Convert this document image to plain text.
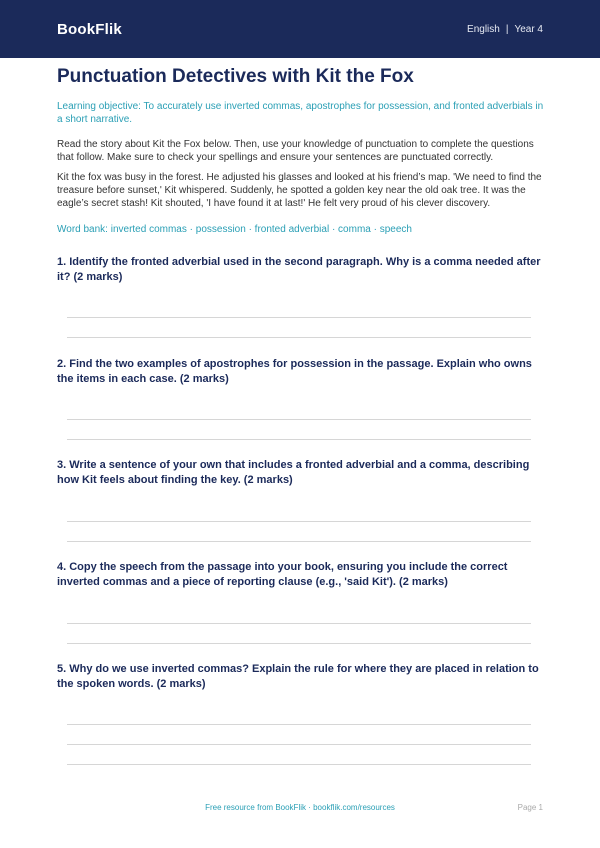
BookFlik	English | Year 4
Punctuation Detectives with Kit the Fox
Learning objective: To accurately use inverted commas, apostrophes for possession, and fronted adverbials in a short narrative.
Read the story about Kit the Fox below. Then, use your knowledge of punctuation to complete the questions that follow. Make sure to check your spellings and ensure your sentences are punctuated correctly.
Kit the fox was busy in the forest. He adjusted his glasses and looked at his friend’s map. 'We need to find the treasure before sunset,' Kit whispered. Suddenly, he spotted a golden key near the old oak tree. It was the eagle’s secret stash! Kit shouted, 'I have found it at last!' He felt very proud of his clever discovery.
Word bank: inverted commas · possession · fronted adverbial · comma · speech
1. Identify the fronted adverbial used in the second paragraph. Why is a comma needed after it? (2 marks)
2. Find the two examples of apostrophes for possession in the passage. Explain who owns the items in each case. (2 marks)
3. Write a sentence of your own that includes a fronted adverbial and a comma, describing how Kit feels about finding the key. (2 marks)
4. Copy the speech from the passage into your book, ensuring you include the correct inverted commas and a piece of reporting clause (e.g., 'said Kit'). (2 marks)
5. Why do we use inverted commas? Explain the rule for where they are placed in relation to the spoken words. (2 marks)
Free resource from BookFlik · bookflik.com/resources	Page 1
